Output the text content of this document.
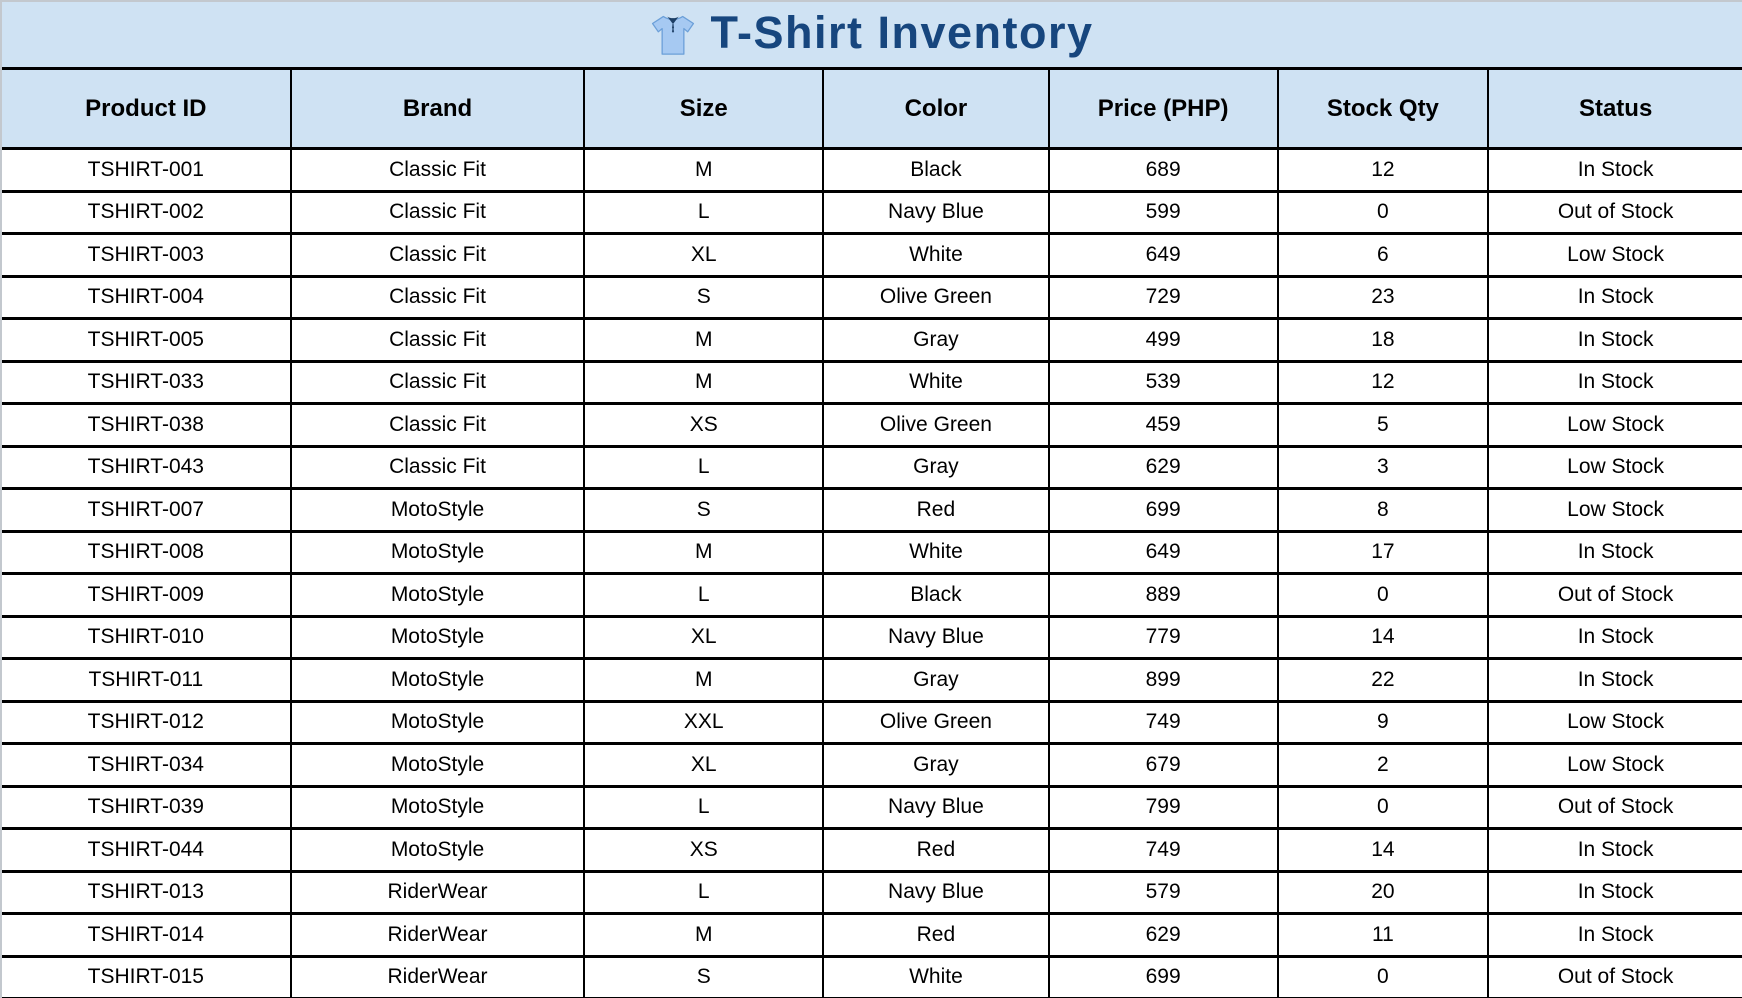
T-Shirt Inventory
Product ID	Brand	Size	Color	Price (PHP)	Stock Qty	Status
TSHIRT-001	Classic Fit	M	Black	689	12	In Stock
TSHIRT-002	Classic Fit	L	Navy Blue	599	0	Out of Stock
TSHIRT-003	Classic Fit	XL	White	649	6	Low Stock
TSHIRT-004	Classic Fit	S	Olive Green	729	23	In Stock
TSHIRT-005	Classic Fit	M	Gray	499	18	In Stock
TSHIRT-033	Classic Fit	M	White	539	12	In Stock
TSHIRT-038	Classic Fit	XS	Olive Green	459	5	Low Stock
TSHIRT-043	Classic Fit	L	Gray	629	3	Low Stock
TSHIRT-007	MotoStyle	S	Red	699	8	Low Stock
TSHIRT-008	MotoStyle	M	White	649	17	In Stock
TSHIRT-009	MotoStyle	L	Black	889	0	Out of Stock
TSHIRT-010	MotoStyle	XL	Navy Blue	779	14	In Stock
TSHIRT-011	MotoStyle	M	Gray	899	22	In Stock
TSHIRT-012	MotoStyle	XXL	Olive Green	749	9	Low Stock
TSHIRT-034	MotoStyle	XL	Gray	679	2	Low Stock
TSHIRT-039	MotoStyle	L	Navy Blue	799	0	Out of Stock
TSHIRT-044	MotoStyle	XS	Red	749	14	In Stock
TSHIRT-013	RiderWear	L	Navy Blue	579	20	In Stock
TSHIRT-014	RiderWear	M	Red	629	11	In Stock
TSHIRT-015	RiderWear	S	White	699	0	Out of Stock
